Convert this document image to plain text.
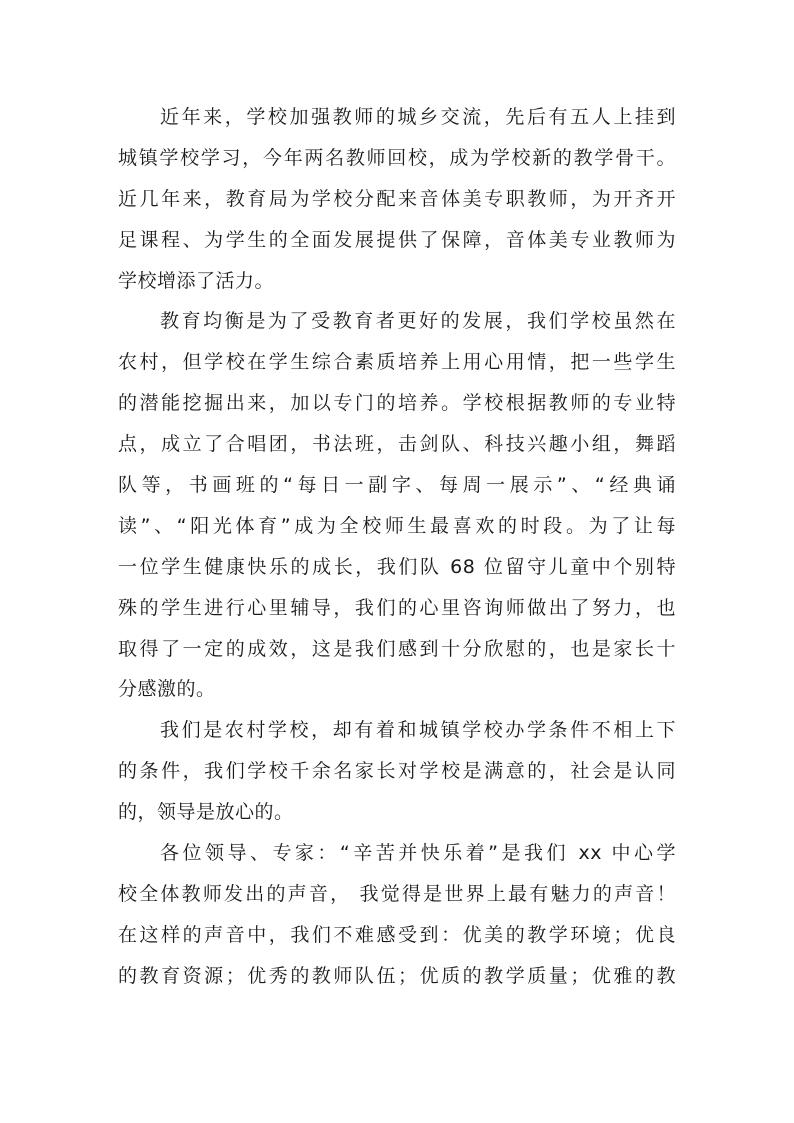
近年来，学校加强教师的城乡交流，先后有五人上挂到
城镇学校学习，今年两名教师回校，成为学校新的教学骨干。
近几年来，教育局为学校分配来音体美专职教师，为开齐开
足课程、为学生的全面发展提供了保障，音体美专业教师为
学校增添了活力。
教育均衡是为了受教育者更好的发展，我们学校虽然在
农村，但学校在学生综合素质培养上用心用情，把一些学生
的潜能挖掘出来，加以专门的培养。学校根据教师的专业特
点，成立了合唱团，书法班，击剑队、科技兴趣小组，舞蹈
队等，书画班的“每日一副字、每周一展示”、“经典诵
读”、“阳光体育”成为全校师生最喜欢的时段。为了让每
一位学生健康快乐的成长，我们队 68 位留守儿童中个别特
殊的学生进行心里辅导，我们的心里咨询师做出了努力，也
取得了一定的成效，这是我们感到十分欣慰的，也是家长十
分感激的。
我们是农村学校，却有着和城镇学校办学条件不相上下
的条件，我们学校千余名家长对学校是满意的，社会是认同
的，领导是放心的。
各位领导、专家：“辛苦并快乐着”是我们 xx 中心学
校全体教师发出的声音， 我觉得是世界上最有魅力的声音！
在这样的声音中，我们不难感受到：优美的教学环境；优良
的教育资源；优秀的教师队伍；优质的教学质量；优雅的教
